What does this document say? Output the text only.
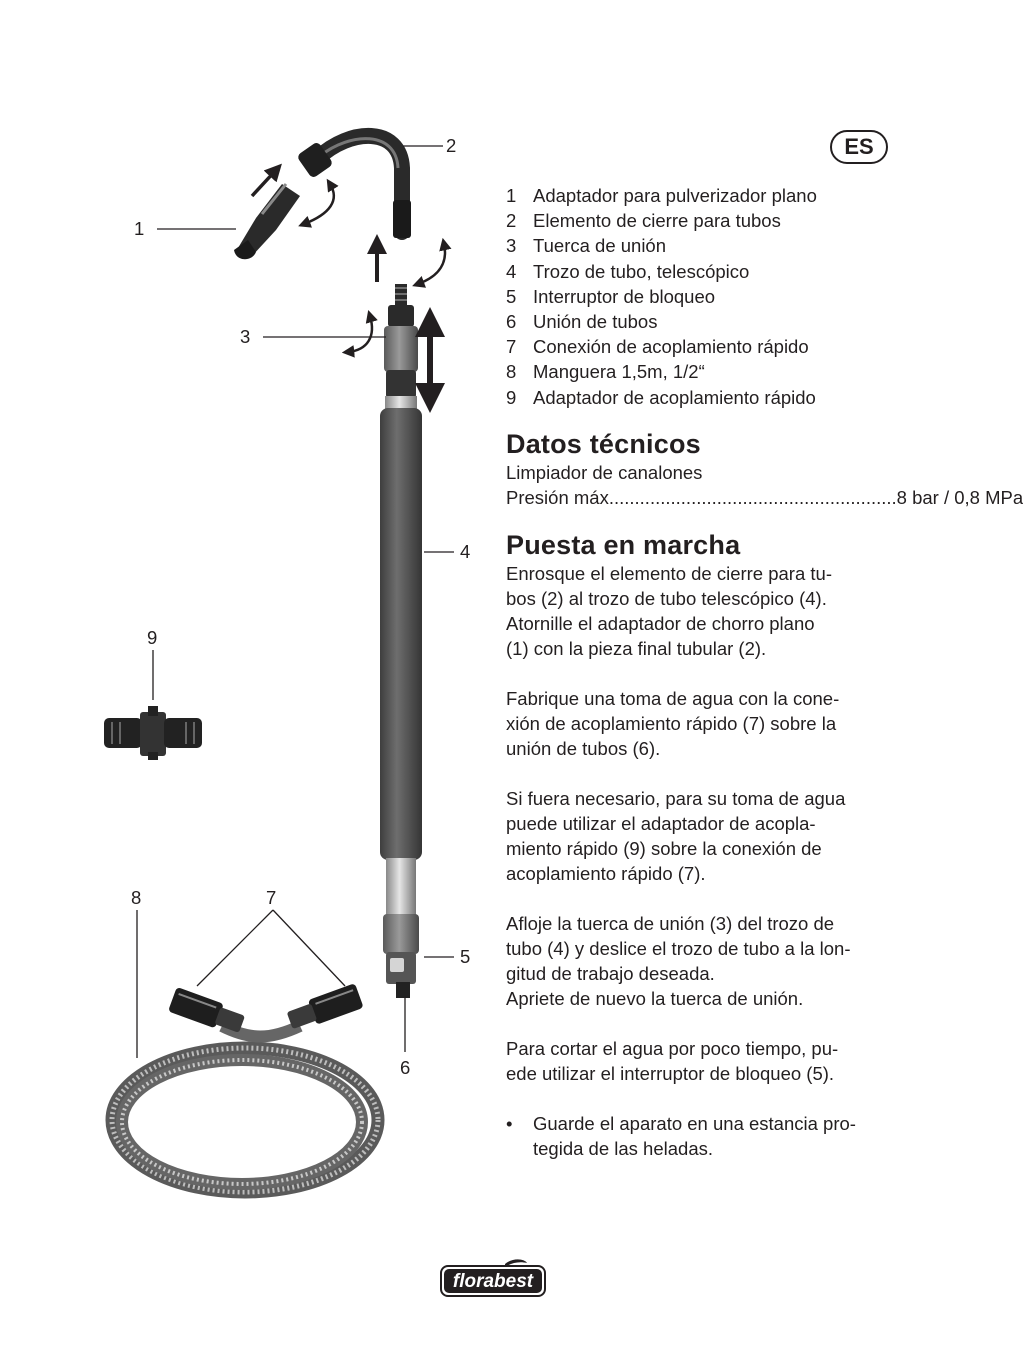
ES
1 Adaptador para pulverizador plano
2 Elemento de cierre para tubos
3 Tuerca de unión
4 Trozo de tubo, telescópico
5 Interruptor de bloqueo
6 Unión de tubos
7 Conexión de acoplamiento rápido
8 Manguera 1,5m, 1/2“
9 Adaptador de acoplamiento rápido
Datos técnicos

Limpiador de canalones

Presión máx ........................................................ 8 bar / 0,8 MPa
Puesta en marcha

Enrosque el elemento de cierre para tu-
bos (2) al trozo de tubo telescópico (4).
Atornille el adaptador de chorro plano
(1) con la pieza final tubular (2).

Fabrique una toma de agua con la cone-
xión de acoplamiento rápido (7) sobre la
unión de tubos (6).

Si fuera necesario, para su toma de agua
puede utilizar el adaptador de acopla-
miento rápido (9) sobre la conexión de
acoplamiento rápido (7).

Afloje la tuerca de unión (3) del trozo de
tubo (4) y deslice el trozo de tubo a la lon-
gitud de trabajo deseada.
Apriete de nuevo la tuerca de unión.

Para cortar el agua por poco tiempo, pu-
ede utilizar el interruptor de bloqueo (5).

•	Guarde el aparato en una estancia pro-
tegida de las heladas.
1
2
3
4
5
6
7
8
9
florabest
